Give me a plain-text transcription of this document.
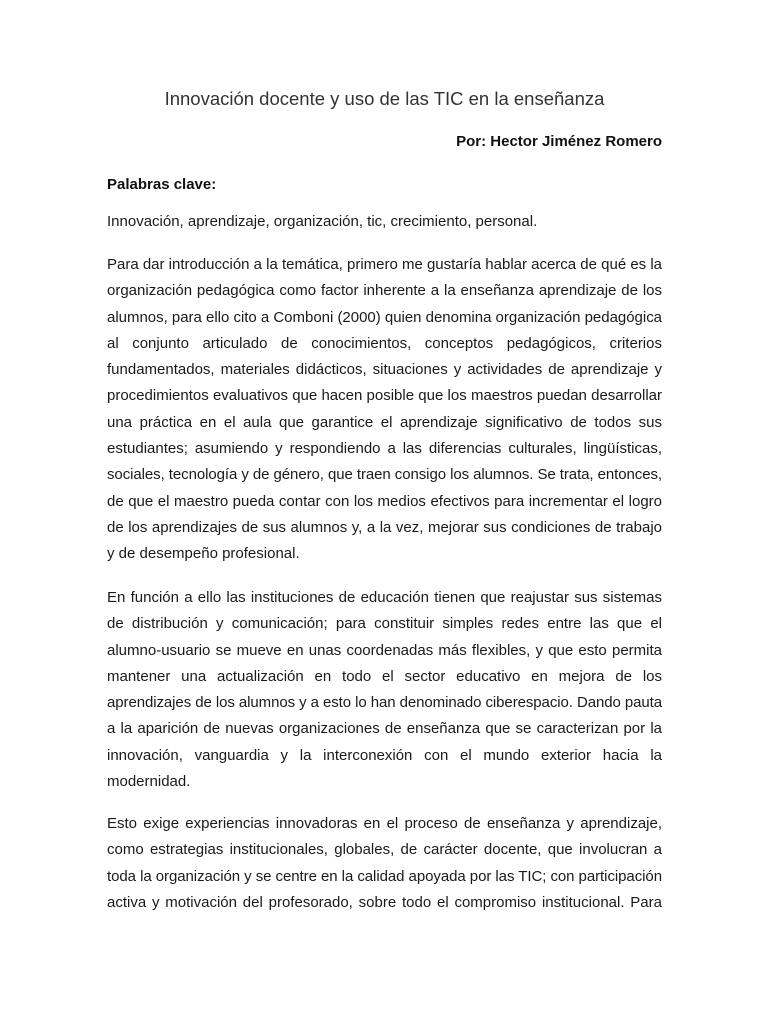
Innovación docente y uso de las TIC en la enseñanza
Por: Hector Jiménez Romero
Palabras clave:
Innovación, aprendizaje, organización, tic, crecimiento, personal.
Para dar introducción a la temática, primero me gustaría hablar acerca de qué es la
organización pedagógica como factor inherente a la enseñanza aprendizaje de los
alumnos, para ello cito a Comboni (2000) quien denomina organización pedagógica
al conjunto articulado de conocimientos, conceptos pedagógicos, criterios
fundamentados, materiales didácticos, situaciones y actividades de aprendizaje y
procedimientos evaluativos que hacen posible que los maestros puedan desarrollar
una práctica en el aula que garantice el aprendizaje significativo de todos sus
estudiantes; asumiendo y respondiendo a las diferencias culturales, lingüísticas,
sociales, tecnología y de género, que traen consigo los alumnos. Se trata, entonces,
de que el maestro pueda contar con los medios efectivos para incrementar el logro
de los aprendizajes de sus alumnos y, a la vez, mejorar sus condiciones de trabajo
y de desempeño profesional.
En función a ello las instituciones de educación tienen que reajustar sus sistemas
de distribución y comunicación; para constituir simples redes entre las que el
alumno-usuario se mueve en unas coordenadas más flexibles, y que esto permita
mantener una actualización en todo el sector educativo en mejora de los
aprendizajes de los alumnos y a esto lo han denominado ciberespacio. Dando pauta
a la aparición de nuevas organizaciones de enseñanza que se caracterizan por la
innovación, vanguardia y la interconexión con el mundo exterior hacia la
modernidad.
Esto exige experiencias innovadoras en el proceso de enseñanza y aprendizaje,
como estrategias institucionales, globales, de carácter docente, que involucran a
toda la organización y se centre en la calidad apoyada por las TIC; con participación
activa y motivación del profesorado, sobre todo el compromiso institucional. Para
